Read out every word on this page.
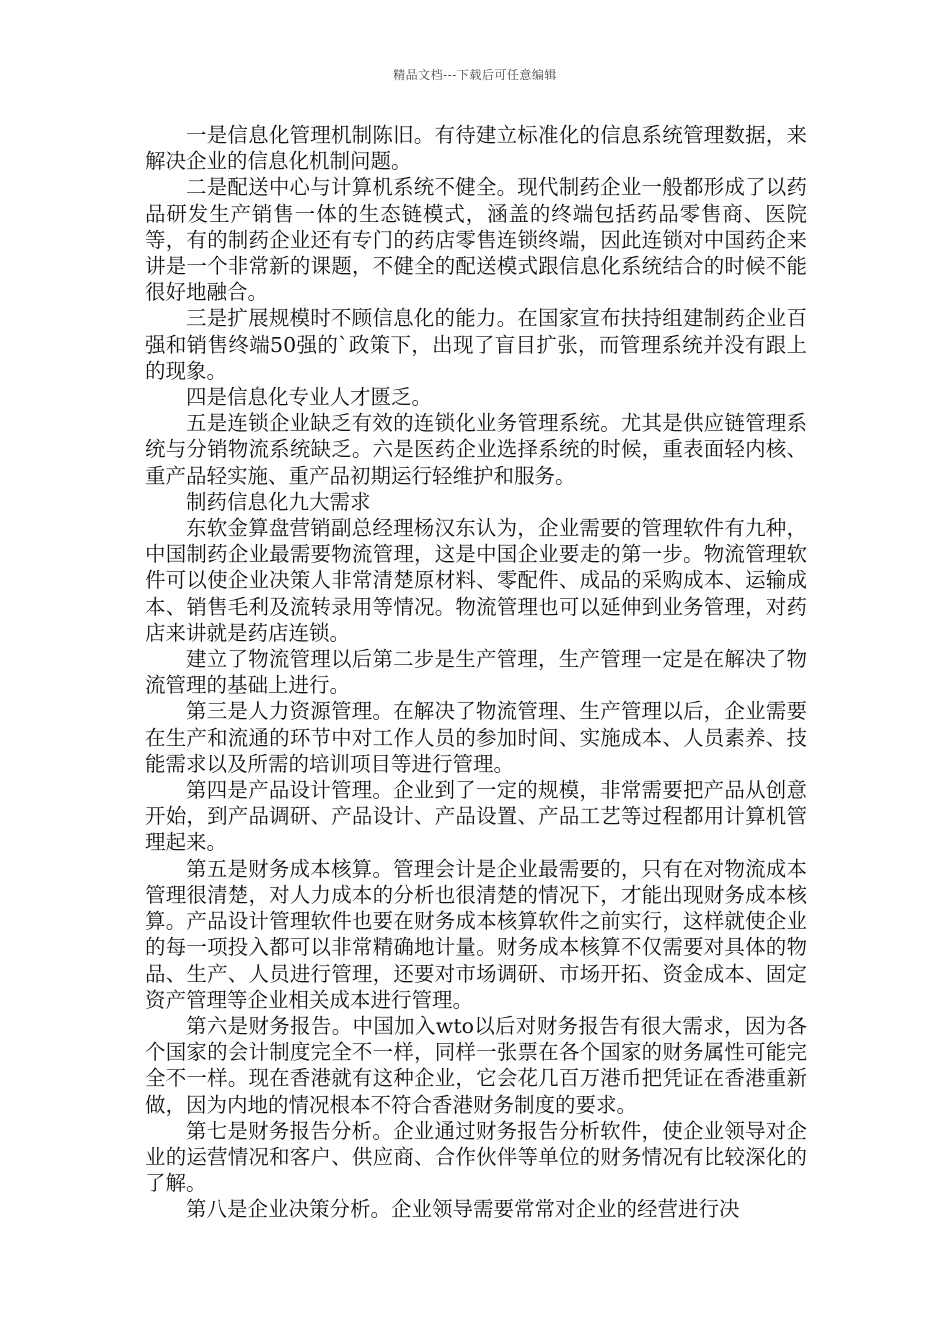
精品文档---下载后可任意编辑

一是信息化管理机制陈旧。有待建立标准化的信息系统管理数据，来解决企业的信息化机制问题。

二是配送中心与计算机系统不健全。现代制药企业一般都形成了以药品研发生产销售一体的生态链模式，涵盖的终端包括药品零售商、医院等，有的制药企业还有专门的药店零售连锁终端，因此连锁对中国药企来讲是一个非常新的课题，不健全的配送模式跟信息化系统结合的时候不能很好地融合。

三是扩展规模时不顾信息化的能力。在国家宣布扶持组建制药企业百强和销售终端50强的`政策下，出现了盲目扩张，而管理系统并没有跟上的现象。

四是信息化专业人才匮乏。

五是连锁企业缺乏有效的连锁化业务管理系统。尤其是供应链管理系统与分销物流系统缺乏。六是医药企业选择系统的时候，重表面轻内核、重产品轻实施、重产品初期运行轻维护和服务。

制药信息化九大需求

东软金算盘营销副总经理杨汉东认为，企业需要的管理软件有九种，中国制药企业最需要物流管理，这是中国企业要走的第一步。物流管理软件可以使企业决策人非常清楚原材料、零配件、成品的采购成本、运输成本、销售毛利及流转录用等情况。物流管理也可以延伸到业务管理，对药店来讲就是药店连锁。

建立了物流管理以后第二步是生产管理，生产管理一定是在解决了物流管理的基础上进行。

第三是人力资源管理。在解决了物流管理、生产管理以后，企业需要在生产和流通的环节中对工作人员的参加时间、实施成本、人员素养、技能需求以及所需的培训项目等进行管理。

第四是产品设计管理。企业到了一定的规模，非常需要把产品从创意开始，到产品调研、产品设计、产品设置、产品工艺等过程都用计算机管理起来。

第五是财务成本核算。管理会计是企业最需要的，只有在对物流成本管理很清楚，对人力成本的分析也很清楚的情况下，才能出现财务成本核算。产品设计管理软件也要在财务成本核算软件之前实行，这样就使企业的每一项投入都可以非常精确地计量。财务成本核算不仅需要对具体的物品、生产、人员进行管理，还要对市场调研、市场开拓、资金成本、固定资产管理等企业相关成本进行管理。

第六是财务报告。中国加入wto以后对财务报告有很大需求，因为各个国家的会计制度完全不一样，同样一张票在各个国家的财务属性可能完全不一样。现在香港就有这种企业，它会花几百万港币把凭证在香港重新做，因为内地的情况根本不符合香港财务制度的要求。

第七是财务报告分析。企业通过财务报告分析软件，使企业领导对企业的运营情况和客户、供应商、合作伙伴等单位的财务情况有比较深化的了解。

第八是企业决策分析。企业领导需要常常对企业的经营进行决
